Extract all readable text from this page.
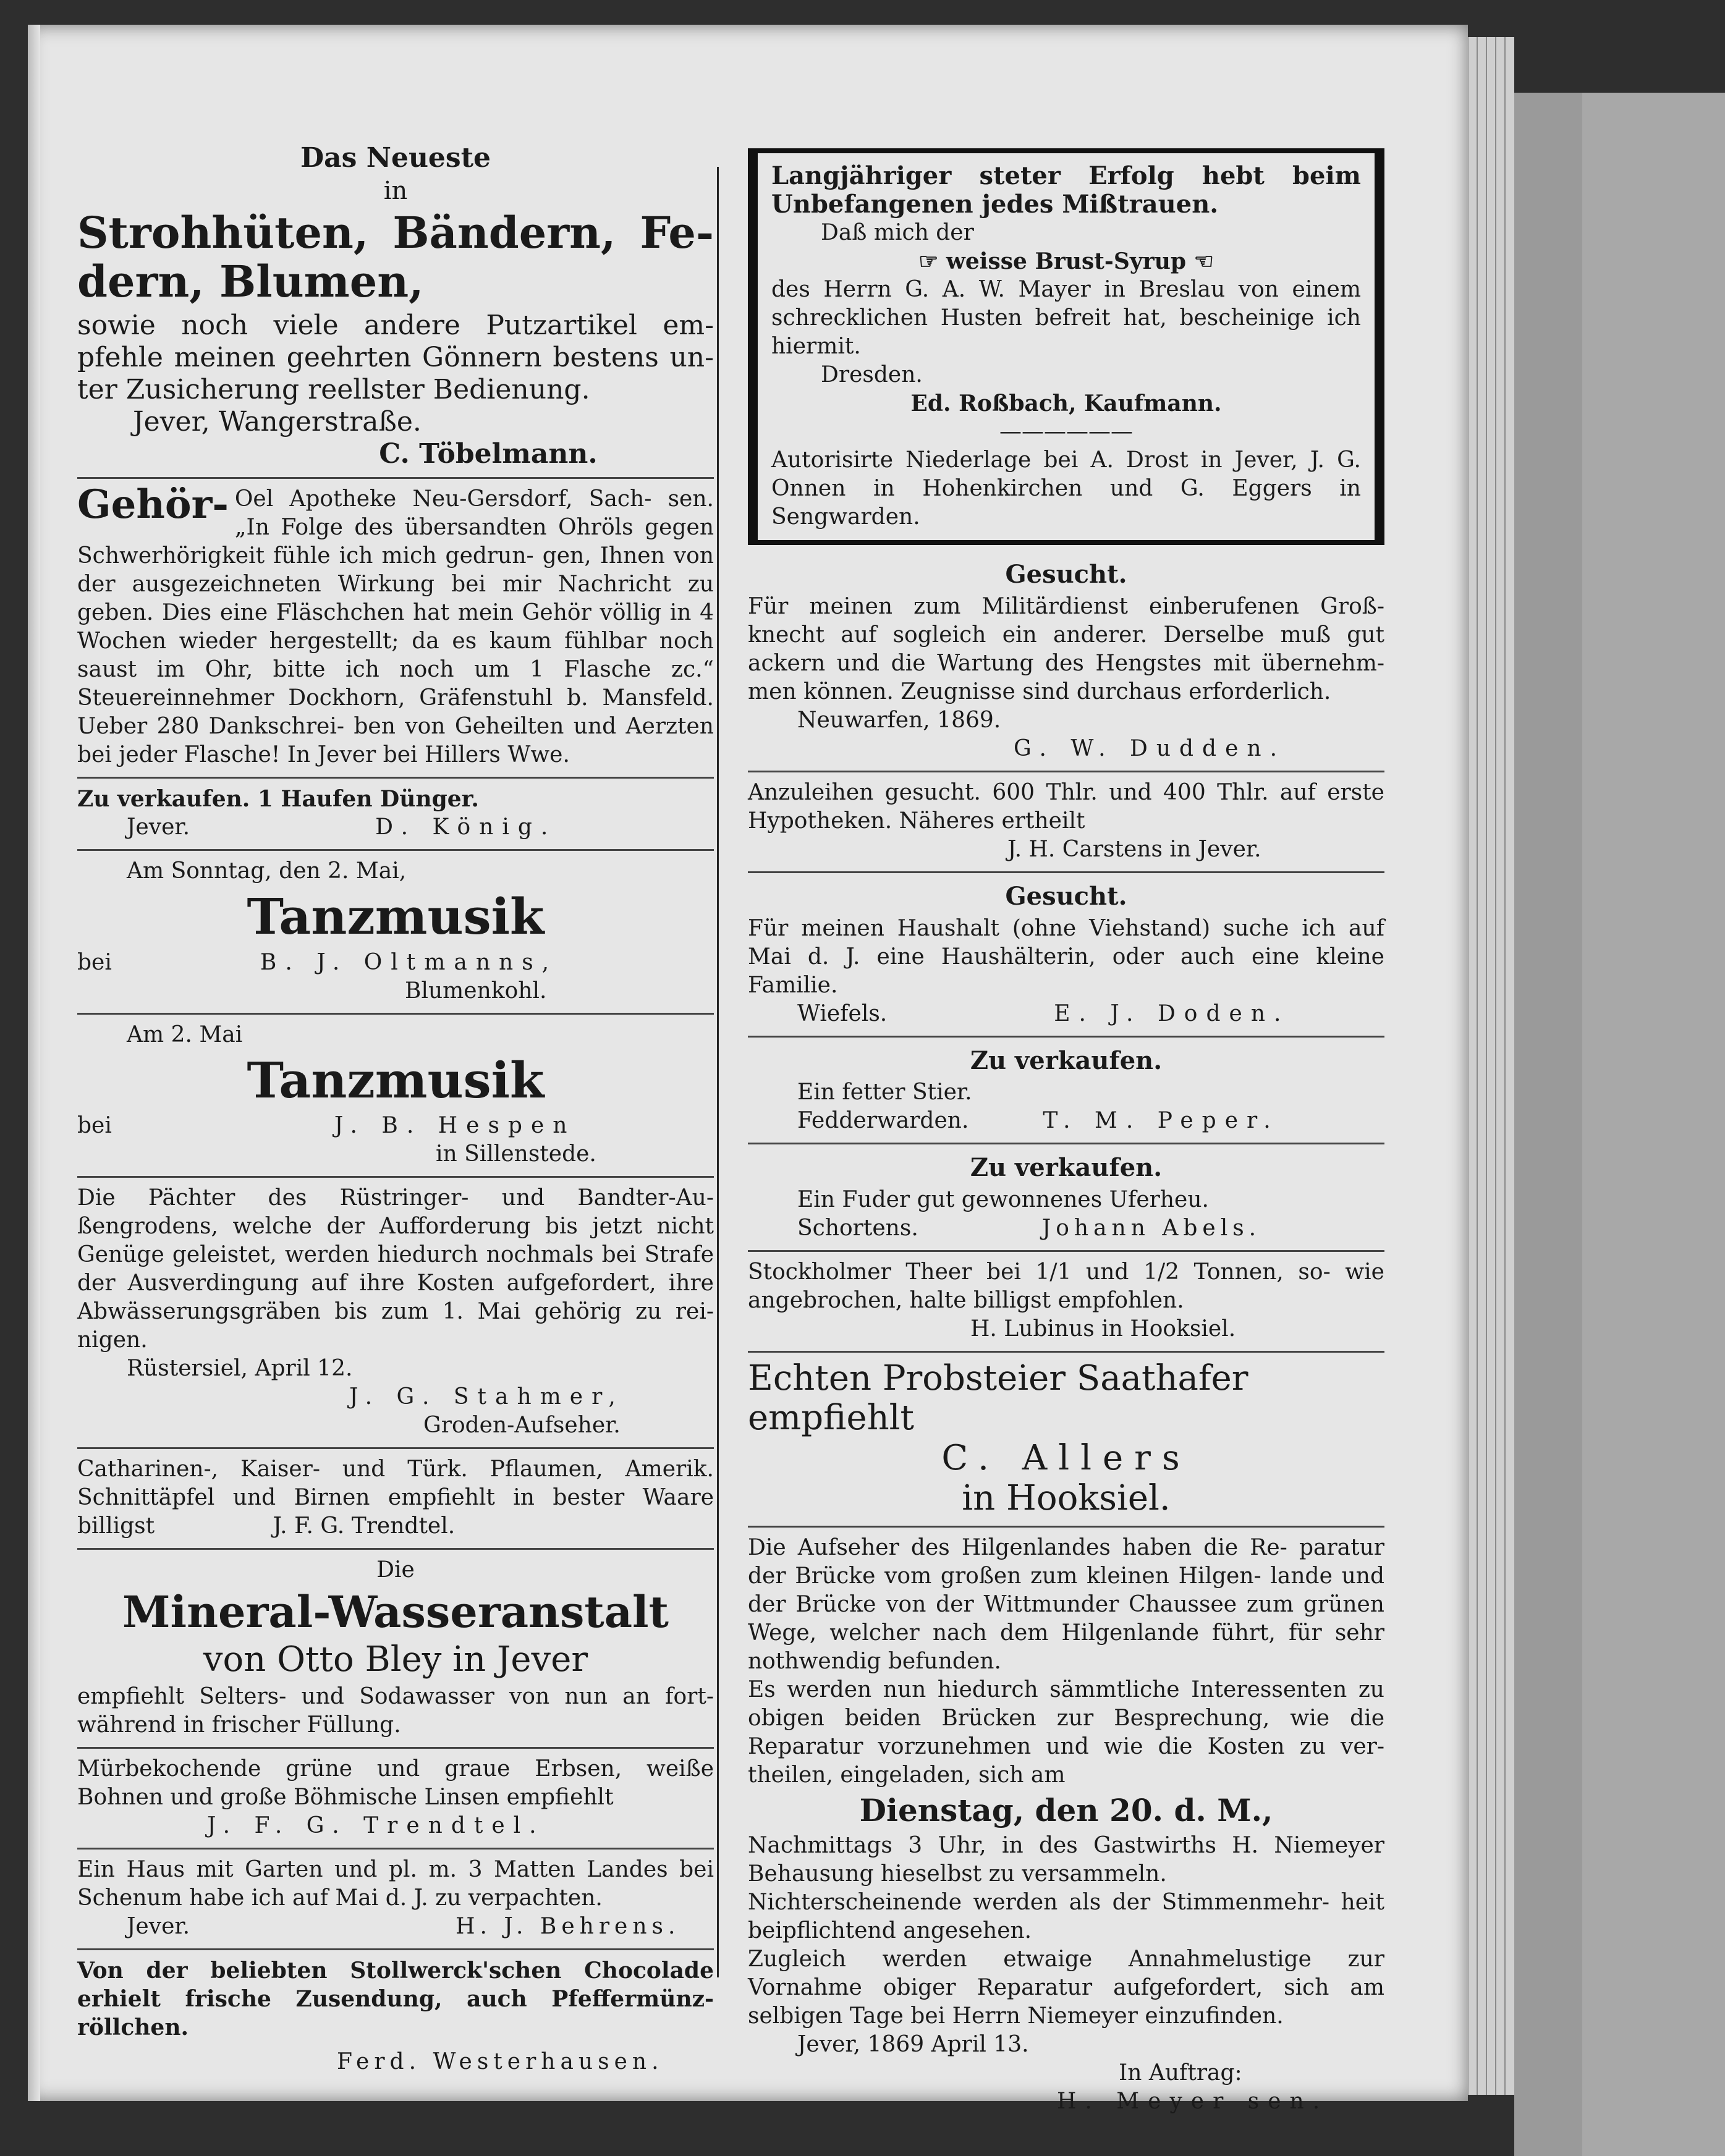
Das Neueste
in
Strohhüten, Bändern, Fe- dern, Blumen,

sowie noch viele andere Putzartikel em- pfehle meinen geehrten Gönnern bestens un- ter Zusicherung reellster Bedienung.

Jever, Wangerstraße.
C. Töbelmann.

Gehör- Oel Apotheke Neu-Gersdorf, Sach- sen. „In Folge des übersandten Ohröls gegen Schwerhörigkeit fühle ich mich gedrun- gen, Ihnen von der ausgezeichneten Wirkung bei mir Nachricht zu geben. Dies eine Fläschchen hat mein Gehör völlig in 4 Wochen wieder hergestellt; da es kaum fühlbar noch saust im Ohr, bitte ich noch um 1 Flasche zc.“ Steuereinnehmer Dockhorn, Gräfenstuhl b. Mansfeld. Ueber 280 Dankschrei- ben von Geheilten und Aerzten bei jeder Flasche! In Jever bei Hillers Wwe.

Zu verkaufen. 1 Haufen Dünger.
Jever.	D. König.
Am Sonntag, den 2. Mai,
Tanzmusik
bei	B. J. Oltmanns,
Blumenkohl.
Am 2. Mai
Tanzmusik
bei	J. B. Hespen
in Sillenstede.

Die Pächter des Rüstringer- und Bandter-Au- ßengrodens, welche der Aufforderung bis jetzt nicht Genüge geleistet, werden hiedurch nochmals bei Strafe der Ausverdingung auf ihre Kosten aufgefordert, ihre Abwässerungsgräben bis zum 1. Mai gehörig zu rei- nigen.

Rüstersiel, April 12.
J. G. Stahmer,
Groden-Aufseher.

Catharinen-, Kaiser- und Türk. Pflaumen, Amerik. Schnittäpfel und Birnen empfiehlt in bester Waare billigst	J. F. G. Trendtel.

Die
Mineral-Wasseranstalt
von Otto Bley in Jever

empfiehlt Selters- und Sodawasser von nun an fort- während in frischer Füllung.

Mürbekochende grüne und graue Erbsen, weiße Bohnen und große Böhmische Linsen empfiehlt

J. F. G. Trendtel.

Ein Haus mit Garten und pl. m. 3 Matten Landes bei Schenum habe ich auf Mai d. J. zu verpachten.

Jever.	H. J. Behrens.

Von der beliebten Stollwerck'schen Chocolade erhielt frische Zusendung, auch Pfeffermünz- röllchen.

Ferd. Westerhausen.
Langjähriger steter Erfolg hebt beim Unbefangenen jedes Mißtrauen.
Daß mich der
☞ weisse Brust-Syrup ☜

des Herrn G. A. W. Mayer in Breslau von einem schrecklichen Husten befreit hat, bescheinige ich hiermit.

Dresden.
Ed. Roßbach, Kaufmann.
——————

Autorisirte Niederlage bei A. Drost in Jever, J. G. Onnen in Hohenkirchen und G. Eggers in Sengwarden.

Gesucht.

Für meinen zum Militärdienst einberufenen Groß- knecht auf sogleich ein anderer. Derselbe muß gut ackern und die Wartung des Hengstes mit übernehm- men können. Zeugnisse sind durchaus erforderlich.

Neuwarfen, 1869.
G. W. Dudden.

Anzuleihen gesucht. 600 Thlr. und 400 Thlr. auf erste Hypotheken. Näheres ertheilt

J. H. Carstens in Jever.
Gesucht.

Für meinen Haushalt (ohne Viehstand) suche ich auf Mai d. J. eine Haushälterin, oder auch eine kleine Familie.

Wiefels.	E. J. Doden.
Zu verkaufen.
Ein fetter Stier.
Fedderwarden.	T. M. Peper.
Zu verkaufen.
Ein Fuder gut gewonnenes Uferheu.
Schortens.	Johann Abels.

Stockholmer Theer bei 1/1 und 1/2 Tonnen, so- wie angebrochen, halte billigst empfohlen.

H. Lubinus in Hooksiel.
Echten Probsteier Saathafer empfiehlt
C. Allers
in Hooksiel.

Die Aufseher des Hilgenlandes haben die Re- paratur der Brücke vom großen zum kleinen Hilgen- lande und der Brücke von der Wittmunder Chaussee zum grünen Wege, welcher nach dem Hilgenlande führt, für sehr nothwendig befunden.

Es werden nun hiedurch sämmtliche Interessenten zu obigen beiden Brücken zur Besprechung, wie die Reparatur vorzunehmen und wie die Kosten zu ver- theilen, eingeladen, sich am

Dienstag, den 20. d. M.,

Nachmittags 3 Uhr, in des Gastwirths H. Niemeyer Behausung hieselbst zu versammeln.

Nichterscheinende werden als der Stimmenmehr- heit beipflichtend angesehen.

Zugleich werden etwaige Annahmelustige zur Vornahme obiger Reparatur aufgefordert, sich am selbigen Tage bei Herrn Niemeyer einzufinden.

Jever, 1869 April 13.
In Auftrag:
H. Meyer sen.
